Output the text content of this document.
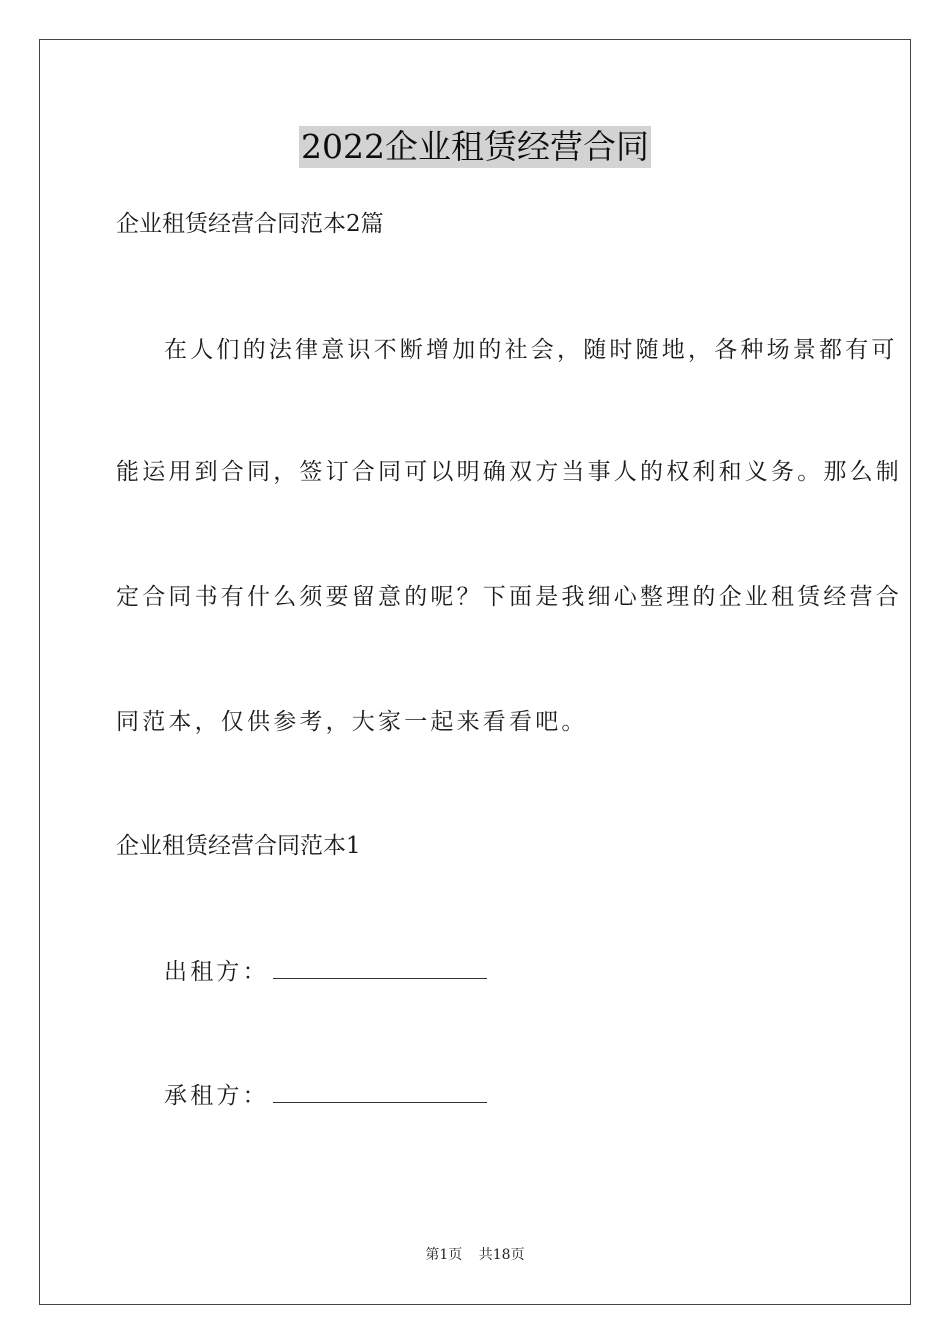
2022企业租赁经营合同
企业租赁经营合同范本2篇
在人们的法律意识不断增加的社会，随时随地，各种场景都有可
能运用到合同，签订合同可以明确双方当事人的权利和义务。那么制
定合同书有什么须要留意的呢？下面是我细心整理的企业租赁经营合
同范本，仅供参考，大家一起来看看吧。
企业租赁经营合同范本1
出租方：
承租方：
第1页 共18页
